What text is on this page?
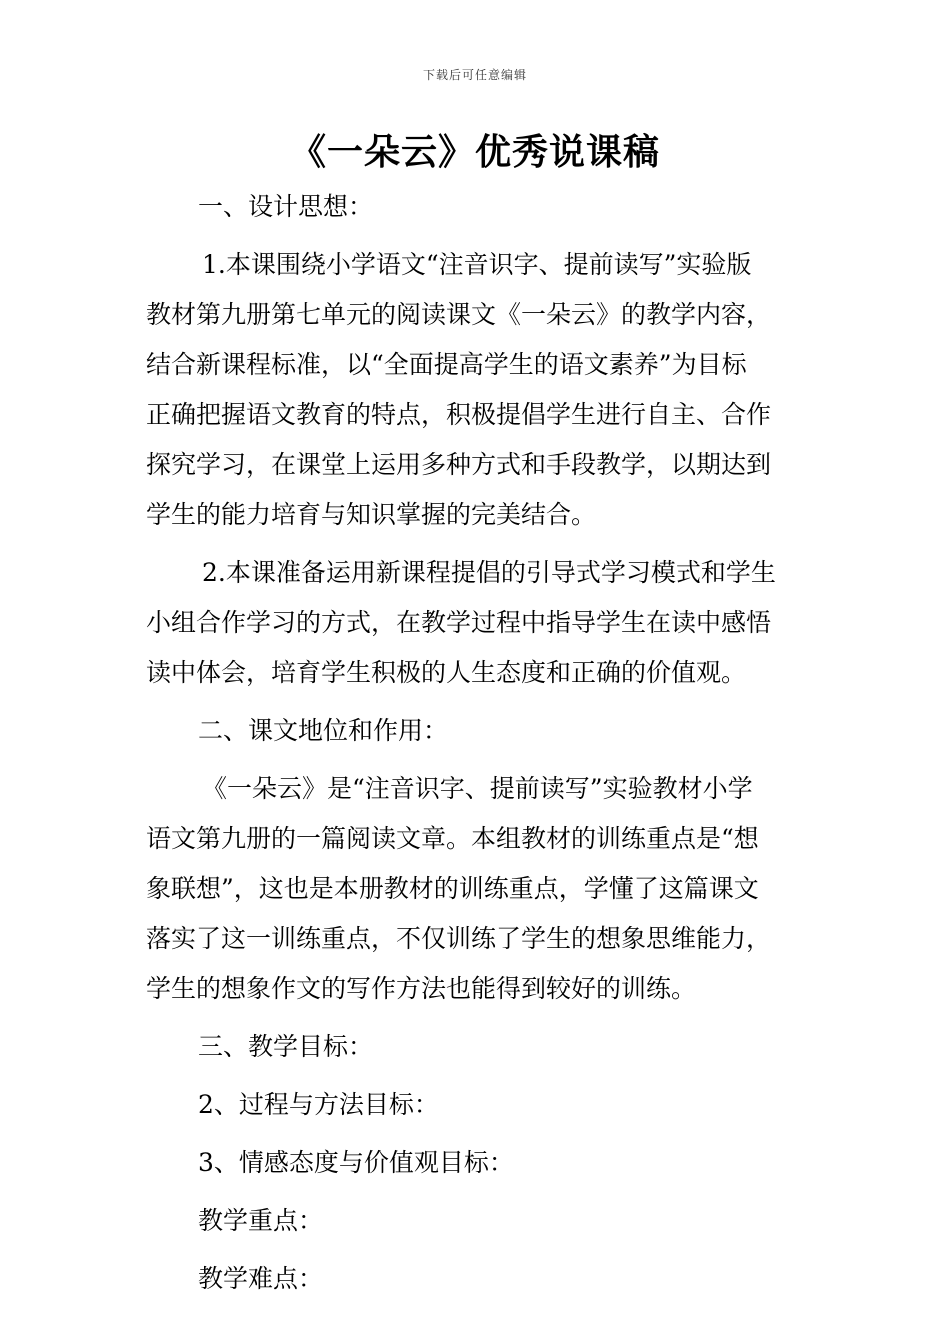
下载后可任意编辑
《一朵云》优秀说课稿
一、设计思想：
1.本课围绕小学语文“注音识字、提前读写”实验版
教材第九册第七单元的阅读课文《一朵云》的教学内容，
结合新课程标准，以“全面提高学生的语文素养”为目标
正确把握语文教育的特点，积极提倡学生进行自主、合作
探究学习，在课堂上运用多种方式和手段教学，以期达到
学生的能力培育与知识掌握的完美结合。
2.本课准备运用新课程提倡的引导式学习模式和学生
小组合作学习的方式，在教学过程中指导学生在读中感悟
读中体会，培育学生积极的人生态度和正确的价值观。
二、课文地位和作用：
《一朵云》是“注音识字、提前读写”实验教材小学
语文第九册的一篇阅读文章。本组教材的训练重点是“想
象联想”，这也是本册教材的训练重点，学懂了这篇课文
落实了这一训练重点，不仅训练了学生的想象思维能力，
学生的想象作文的写作方法也能得到较好的训练。
三、教学目标：
2、过程与方法目标：
3、情感态度与价值观目标：
教学重点：
教学难点：
